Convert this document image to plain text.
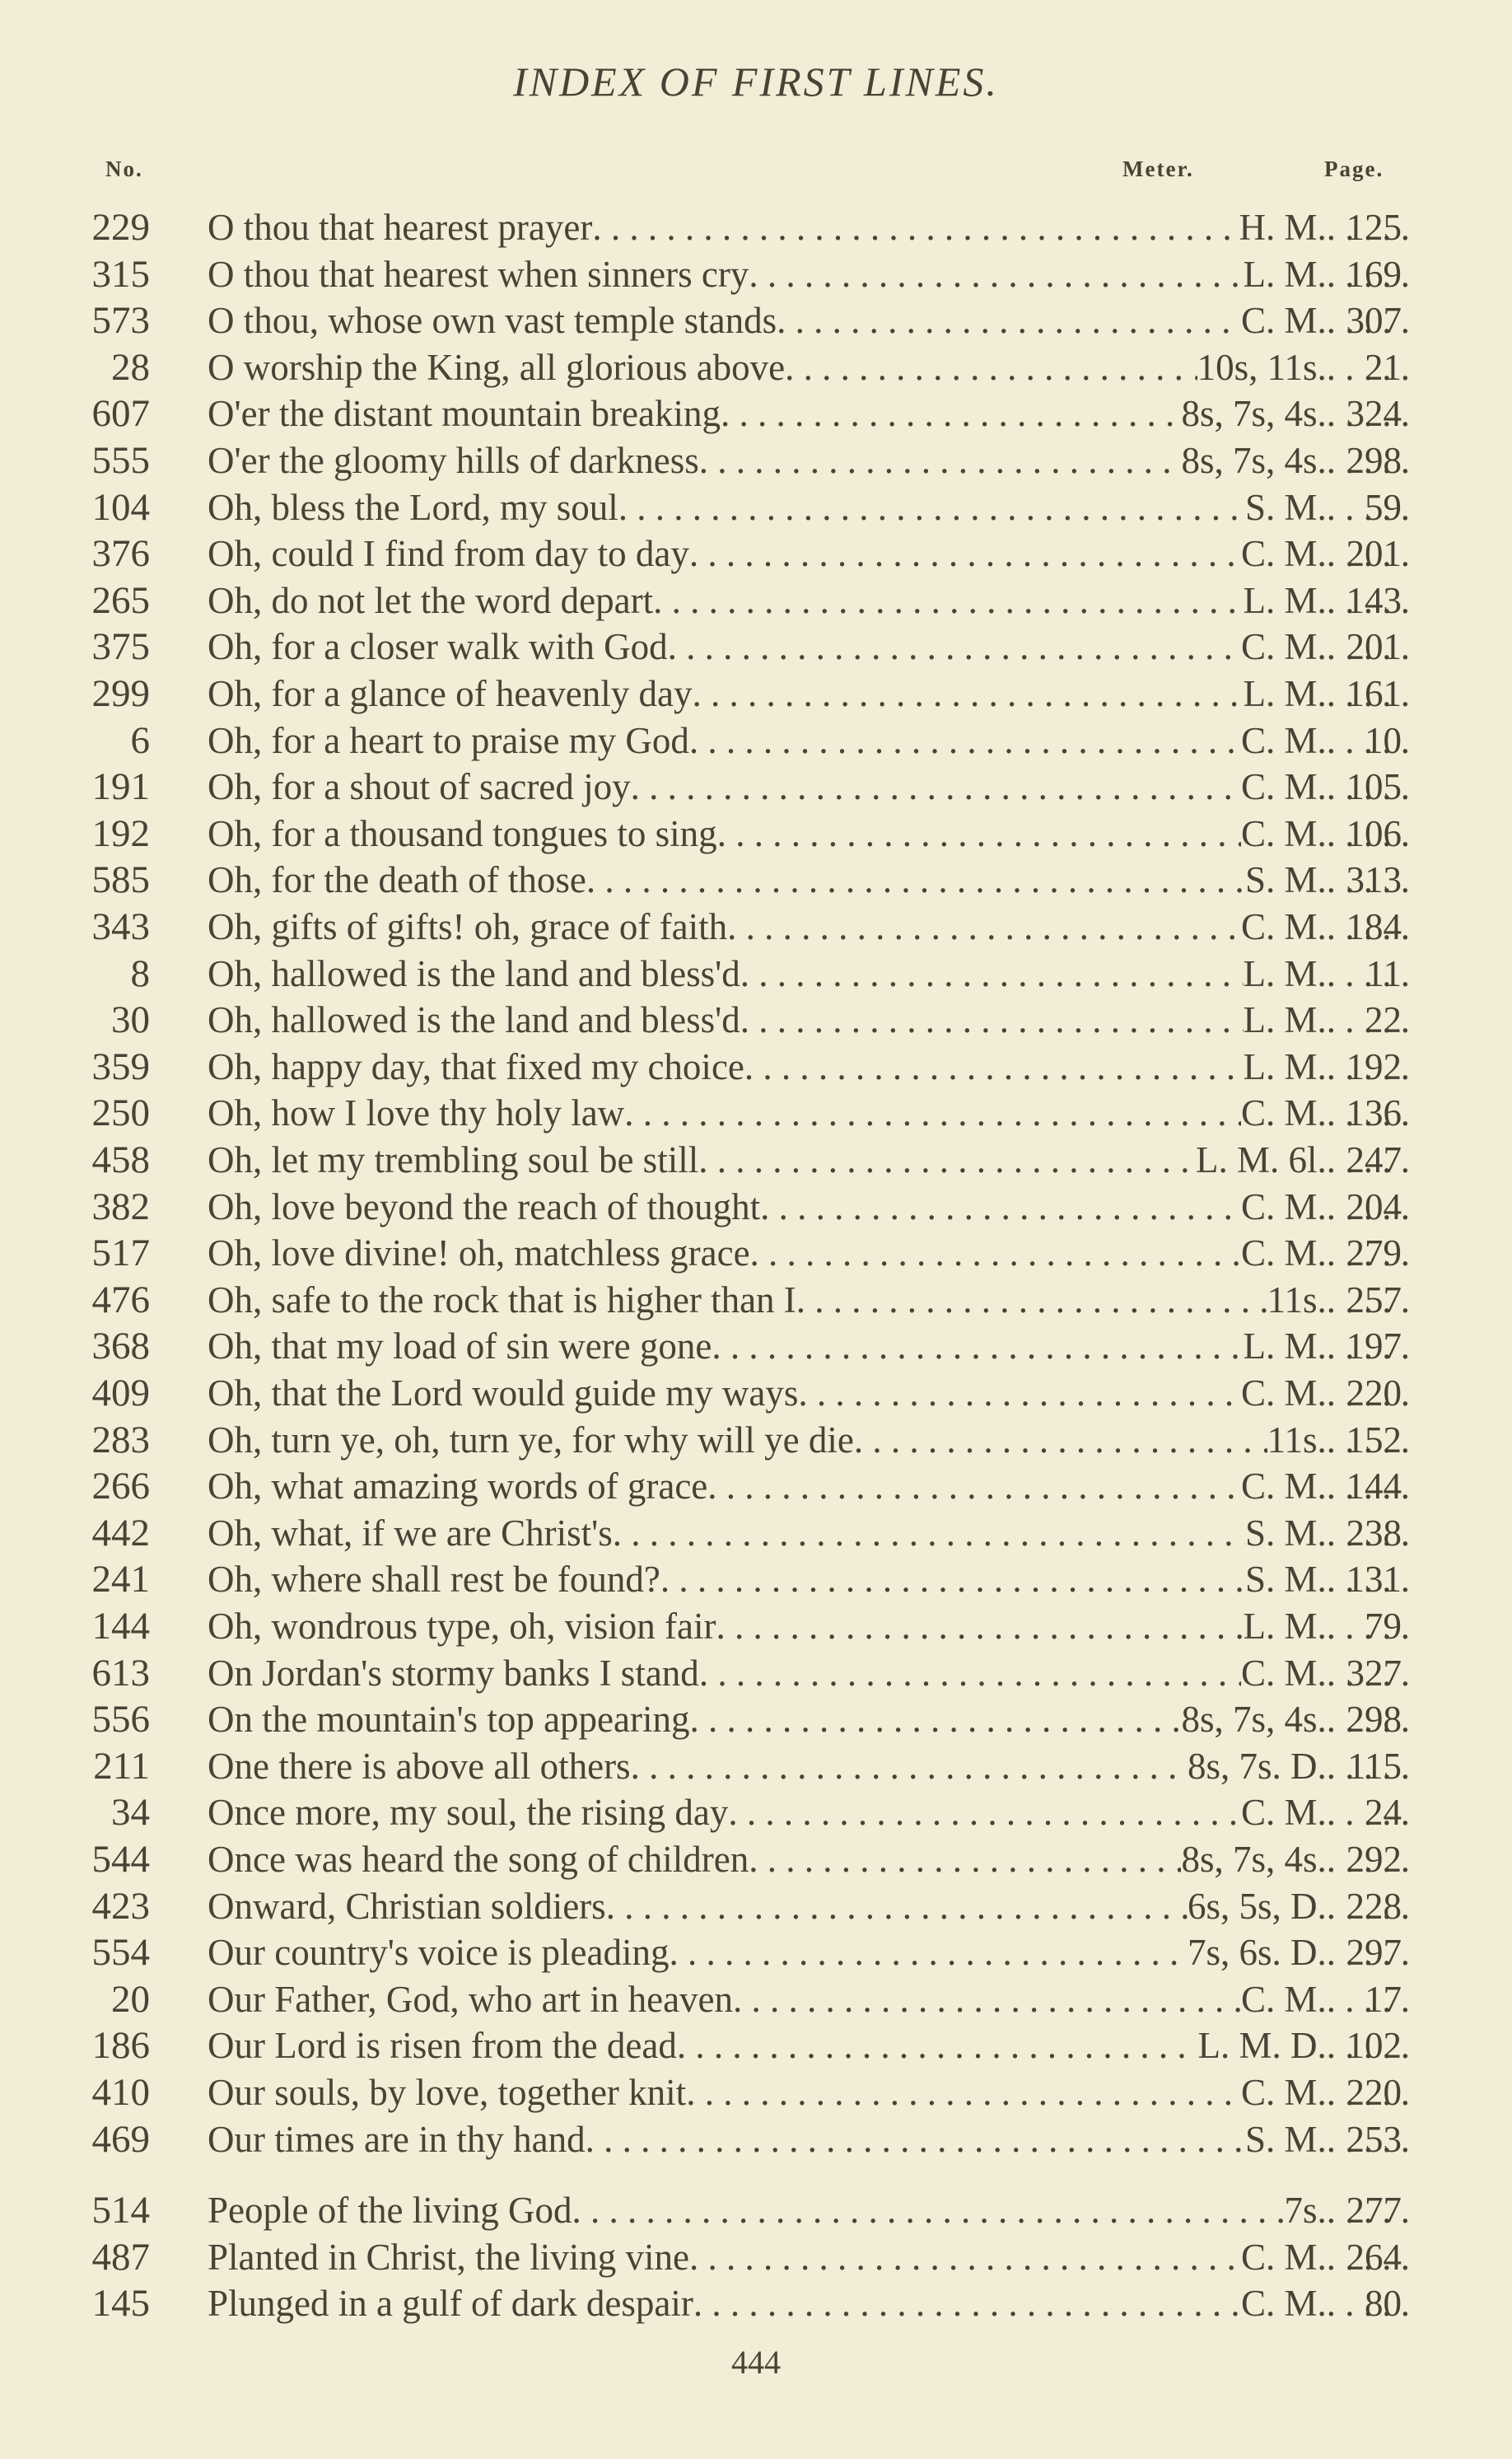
INDEX OF FIRST LINES.
No.	Meter.	Page.
229 O thou that hearest prayer . . .	H. M. . . . 125
315 O thou that hearest when sinners cry . . .	L. M. . . . 169
573 O thou, whose own vast temple stands . . .	C. M. . . . 307
28 O worship the King, all glorious above . . .	10s, 11s. . . .	21
607 O'er the distant mountain breaking . . .	8s, 7s, 4s. . . . 324
555 O'er the gloomy hills of darkness . . .	8s, 7s, 4s. . . . 298
104 Oh, bless the Lord, my soul . . .	S. M. . . .	59
376 Oh, could I find from day to day . . .	C. M. . . . 201
265 Oh, do not let the word depart . . .	L. M. . . . 143
375 Oh, for a closer walk with God . . .	C. M. . . . 201
299 Oh, for a glance of heavenly day . . .	L. M. . . . 161
6 Oh, for a heart to praise my God . . .	C. M. . . .	10
191 Oh, for a shout of sacred joy . . .	C. M. . . . 105
192 Oh, for a thousand tongues to sing . . .	C. M. . . . 106
585 Oh, for the death of those . . .	S. M. . . . 313
343 Oh, gifts of gifts! oh, grace of faith . . .	C. M. . . . 184
8 Oh, hallowed is the land and bless'd . . .	L. M. . . .	11
30 Oh, hallowed is the land and bless'd . . .	L. M. . . .	22
359 Oh, happy day, that fixed my choice . . .	L. M. . . . 192
250 Oh, how I love thy holy law . . .	C. M. . . . 136
458 Oh, let my trembling soul be still . . .	L. M. 6l. . . . 247
382 Oh, love beyond the reach of thought . . .	C. M. . . . 204
517 Oh, love divine! oh, matchless grace . . .	C. M. . . . 279
476 Oh, safe to the rock that is higher than I . . .	11s. . . . 257
368 Oh, that my load of sin were gone . . .	L. M. . . . 197
409 Oh, that the Lord would guide my ways . . .	C. M. . . . 220
283 Oh, turn ye, oh, turn ye, for why will ye die . . .	11s. . . . 152
266 Oh, what amazing words of grace . . .	C. M. . . . 144
442 Oh, what, if we are Christ's . . .	S. M. . . . 238
241 Oh, where shall rest be found? . . .	S. M. . . . 131
144 Oh, wondrous type, oh, vision fair . . .	L. M. . . .	79
613 On Jordan's stormy banks I stand . . .	C. M. . . . 327
556 On the mountain's top appearing . . .	8s, 7s, 4s. . . . 298
211 One there is above all others . . .	8s, 7s. D. . . . 115
34 Once more, my soul, the rising day . . .	C. M. . . .	24
544 Once was heard the song of children . . .	8s, 7s, 4s. . . . 292
423 Onward, Christian soldiers . . .	6s, 5s, D. . . . 228
554 Our country's voice is pleading . . .	7s, 6s. D. . . . 297
20 Our Father, God, who art in heaven . . .	C. M. . . .	17
186 Our Lord is risen from the dead . . .	L. M. D. . . . 102
410 Our souls, by love, together knit . . .	C. M. . . . 220
469 Our times are in thy hand . . .	S. M. . . . 253
514 People of the living God . . .	7s. . . . 277
487 Planted in Christ, the living vine . . .	C. M. . . . 264
145 Plunged in a gulf of dark despair . . .	C. M. . . .	80
444
